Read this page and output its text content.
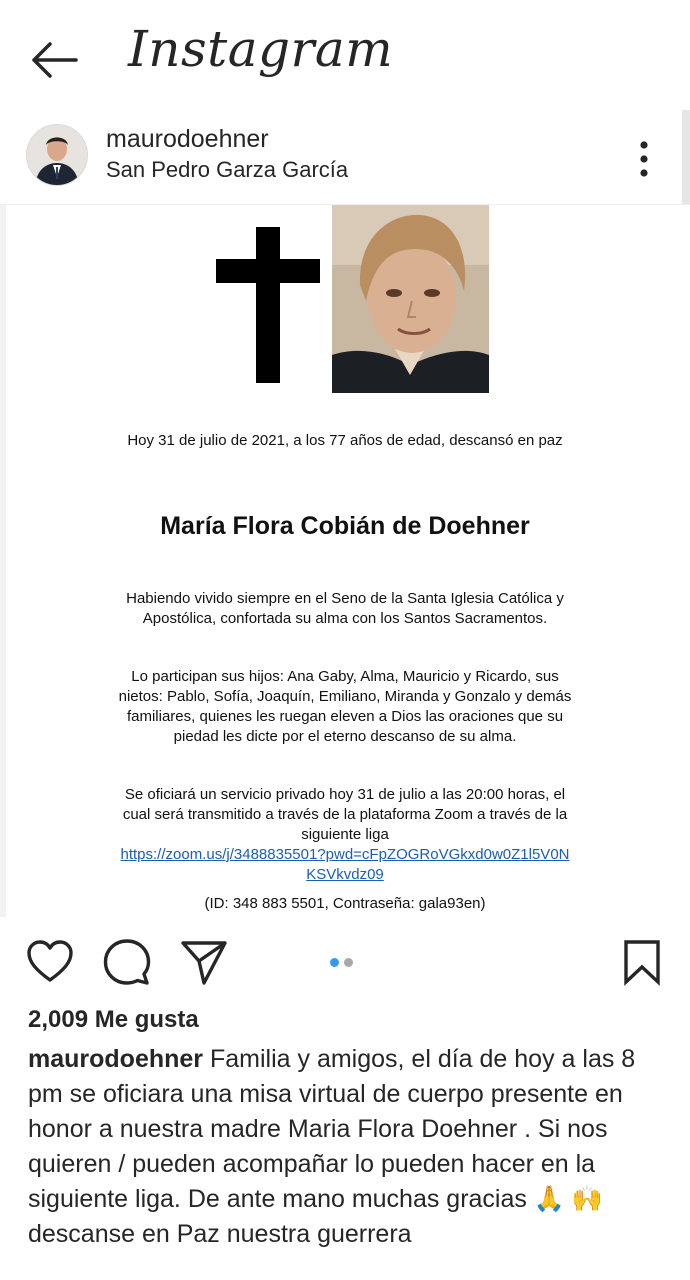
Instagram
maurodoehner
San Pedro Garza García
Hoy 31 de julio de 2021, a los 77 años de edad, descansó en paz
María Flora Cobián de Doehner
Habiendo vivido siempre en el Seno de la Santa Iglesia Católica y
Apostólica, confortada su alma con los Santos Sacramentos.
Lo participan sus hijos: Ana Gaby, Alma, Mauricio y Ricardo, sus
nietos: Pablo, Sofía, Joaquín, Emiliano, Miranda y Gonzalo y demás
familiares, quienes les ruegan eleven a Dios las oraciones que su
piedad les dicte por el eterno descanso de su alma.
Se oficiará un servicio privado hoy 31 de julio a las 20:00 horas, el
cual será transmitido a través de la plataforma Zoom a través de la
siguiente liga
https://zoom.us/j/3488835501?pwd=cFpZOGRoVGkxd0w0Z1l5V0N
KSVkvdz09
(ID: 348 883 5501, Contraseña: gala93en)
2,009 Me gusta
maurodoehner Familia y amigos, el día de hoy a las 8 pm se oficiara una misa virtual de cuerpo presente en honor a nuestra madre Maria Flora Doehner . Si nos quieren / pueden acompañar lo pueden hacer en la siguiente liga. De ante mano muchas gracias 🙏 🙌 descanse en Paz nuestra guerrera
